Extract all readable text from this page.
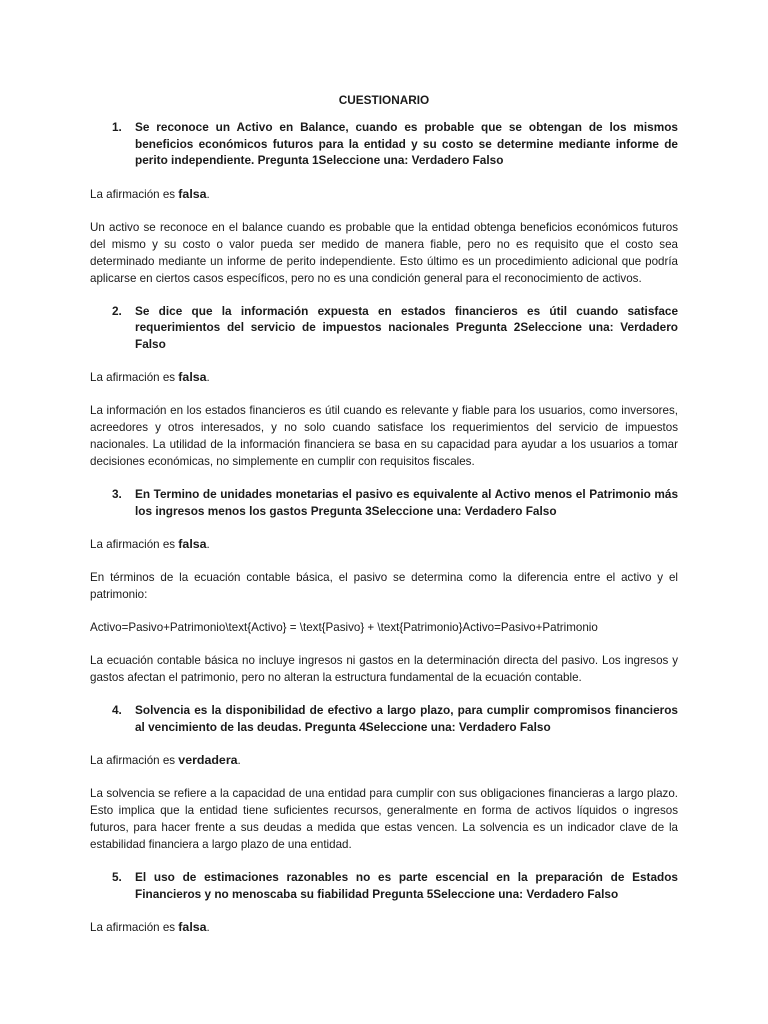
CUESTIONARIO
1.	Se reconoce un Activo en Balance, cuando es probable que se obtengan de los mismos beneficios económicos futuros para la entidad y su costo se determine mediante informe de perito independiente. Pregunta 1Seleccione una: Verdadero Falso
La afirmación es falsa.
Un activo se reconoce en el balance cuando es probable que la entidad obtenga beneficios económicos futuros del mismo y su costo o valor pueda ser medido de manera fiable, pero no es requisito que el costo sea determinado mediante un informe de perito independiente. Esto último es un procedimiento adicional que podría aplicarse en ciertos casos específicos, pero no es una condición general para el reconocimiento de activos.
2.	Se dice que la información expuesta en estados financieros es útil cuando satisface requerimientos del servicio de impuestos nacionales Pregunta 2Seleccione una: Verdadero Falso
La afirmación es falsa.
La información en los estados financieros es útil cuando es relevante y fiable para los usuarios, como inversores, acreedores y otros interesados, y no solo cuando satisface los requerimientos del servicio de impuestos nacionales. La utilidad de la información financiera se basa en su capacidad para ayudar a los usuarios a tomar decisiones económicas, no simplemente en cumplir con requisitos fiscales.
3.	En Termino de unidades monetarias el pasivo es equivalente al Activo menos el Patrimonio más los ingresos menos los gastos Pregunta 3Seleccione una: Verdadero Falso
La afirmación es falsa.
En términos de la ecuación contable básica, el pasivo se determina como la diferencia entre el activo y el patrimonio:
Activo=Pasivo+Patrimonio\text{Activo} = \text{Pasivo} + \text{Patrimonio}Activo=Pasivo+Patrimonio
La ecuación contable básica no incluye ingresos ni gastos en la determinación directa del pasivo. Los ingresos y gastos afectan el patrimonio, pero no alteran la estructura fundamental de la ecuación contable.
4.	Solvencia es la disponibilidad de efectivo a largo plazo, para cumplir compromisos financieros al vencimiento de las deudas. Pregunta 4Seleccione una: Verdadero Falso
La afirmación es verdadera.
La solvencia se refiere a la capacidad de una entidad para cumplir con sus obligaciones financieras a largo plazo. Esto implica que la entidad tiene suficientes recursos, generalmente en forma de activos líquidos o ingresos futuros, para hacer frente a sus deudas a medida que estas vencen. La solvencia es un indicador clave de la estabilidad financiera a largo plazo de una entidad.
5.	El uso de estimaciones razonables no es parte escencial en la preparación de Estados Financieros y no menoscaba su fiabilidad Pregunta 5Seleccione una: Verdadero Falso
La afirmación es falsa.
